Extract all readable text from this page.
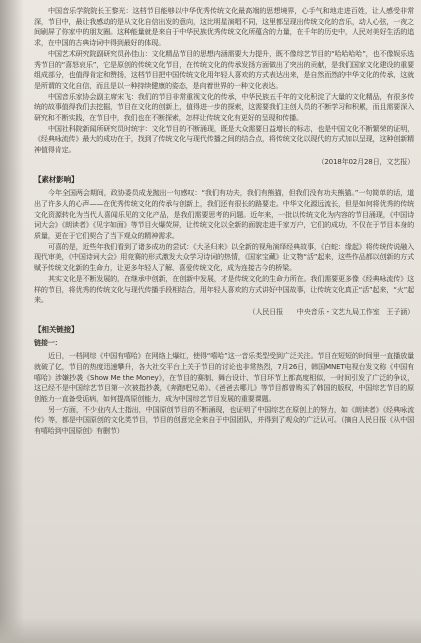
中国音乐学院院长王黎光：这档节目能够以中华优秀传统文化最高端的思想境界，心手气和地走进百姓，让人感受非常深，节目中，最让我感动的是从文化自信出发的意向，这比明星演唱不同，这里都呈现出传统文化的音乐，动人心弦，一夜之间刷屏了你家中的朋友圈。这种能量就是来自于中华民族优秀传统文化所蕴含的力量，在千年的历史中，人民对美好生活的追求，在中国的古典诗词中得到最好的体现。

中国艺术研究院副研究员孙佳山：文化精品节目的思想内涵需要大力提升，既不像综艺节目的“哈哈哈哈”，也不像娱乐选秀节目的“喜怒哀乐”，它是原创的传统文化节目，在传统文化的传承发扬方面做出了突出的贡献，是我们国家文化建设的重要组成部分，也值得肯定和赞扬，这档节目把中国传统文化用年轻人喜欢的方式表达出来，是自然而然的中华文化的传承，这就是所谓的文化自信，而且是以一种持续健康的姿态，是向着世界的一种文化表达。

中国音乐家协会副主席宋飞：我们的节目非常重视文化的传承，中华民族五千年的文化积淀了大量的文化精品，有很多传统的故事值得我们去挖掘，节目在文化的创新上，值得进一步的探索，这需要我们主创人员的不断学习和积累，而且需要深入研究和不断实践，在节目中，我们也在不断探索，怎样让传统文化有更好的呈现和传播。

中国社科院新闻所研究员时统宇：文化节目的不断涌现，既是大众需要日益增长的标志，也是中国文化不断繁荣的证明，《经典咏流传》最大的成功在于，找到了传统文化与现代传播之间的结合点，将传统文化以现代的方式加以呈现，这种创新精神值得肯定。

（2018年02月28日，文艺报）

【素材影响】

今年全国两会期间，政协委员成龙抛出一句感叹：“我们有功夫，我们有熊猫，但我们没有功夫熊猫。”一句简单的话，道出了许多人的心声——在优秀传统文化的传承与创新上，我们还有很长的路要走。中华文化源远流长，但是如何将优秀的传统文化资源转化为当代人喜闻乐见的文化产品，是我们需要思考的问题。近年来，一批以传统文化为内容的节目涌现，《中国诗词大会》《朗读者》《见字如面》等节目火爆荧屏，让传统文化以全新的面貌走进千家万户，它们的成功，不仅在于节目本身的质量，更在于它们契合了当下观众的精神需求。

可喜的是，近些年我们看到了诸多成功的尝试：《大圣归来》以全新的视角演绎经典故事，《白蛇：缘起》将传统传说融入现代审美，《中国诗词大会》用竞赛的形式激发大众学习诗词的热情，《国家宝藏》让文物“活”起来，这些作品都以创新的方式赋予传统文化新的生命力，让更多年轻人了解、喜爱传统文化，成为连接古今的桥梁。

其实文化是不断发展的，在继承中创新，在创新中发展，才是传统文化的生命力所在。我们需要更多像《经典咏流传》这样的节目，将优秀的传统文化与现代传播手段相结合，用年轻人喜欢的方式讲好中国故事，让传统文化真正“活”起来，“火”起来。

（人民日报　　中央音乐・文艺九局工作室　王子涵）

【相关链接】
链接一：

近日，一档网综《中国有嘻哈》在网络上爆红，使得“嘻哈”这一音乐类型受到广泛关注。节目在短短的时间里一直播放量就破了亿，节目的热度迅速攀升，各大社交平台上关于节目的讨论也非常热烈，7月26日，韩国MNET电视台发文称《中国有嘻哈》涉嫌抄袭《Show Me the Money》，在节目的赛制、舞台设计、节目环节上都高度相似，一时间引发了广泛的争议，这已经不是中国综艺节目第一次被指抄袭，《奔跑吧兄弟》、《爸爸去哪儿》等节目都曾购买了韩国的版权，中国综艺节目的原创能力一直备受诟病，如何提高原创能力，成为中国综艺节目发展的重要课题。

另一方面，不少业内人士指出，中国原创节目的不断涌现，也证明了中国综艺在原创上的努力，如《朗读者》《经典咏流传》等，都是中国原创的文化类节目，节目的创意完全来自于中国团队，并得到了观众的广泛认可。（摘自人民日报《从中国有嘻哈到中国原创》有删节）
